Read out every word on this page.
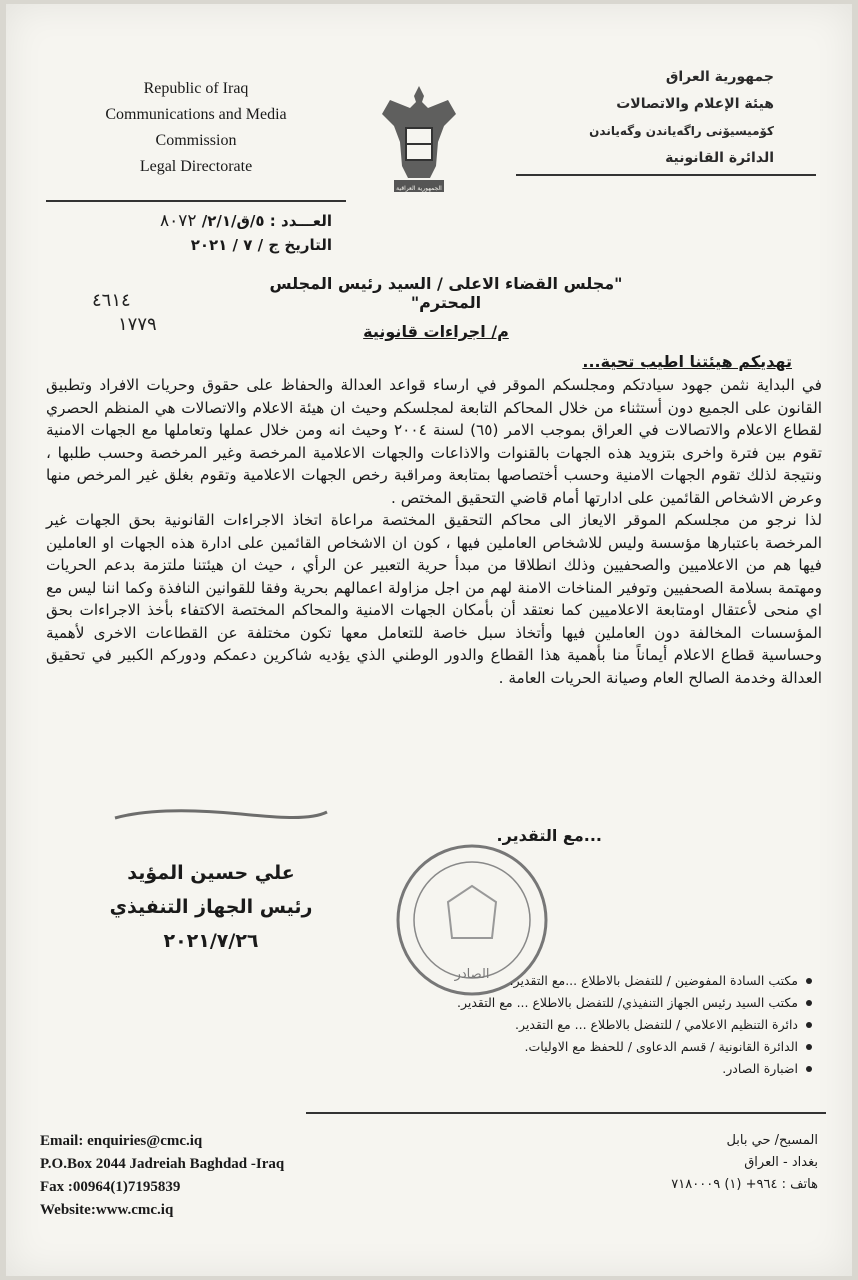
Republic of Iraq
Communications and Media
Commission
Legal Directorate
الجمهورية العراقية
جمهورية العراق
هيئة الإعلام والاتصالات
كۆمیسیۆنی راگەیاندن وگەیاندن
الدائرة القانونية
العـــدد : ٥/ق/٢/١/ ٨٠٧٢
التاريخ ج / ٧ / ٢٠٢١
٤٦١٤
١٧٧٩
"مجلس القضاء الاعلى / السيد رئيس المجلس المحترم"
م/ اجراءات قانونية
تهديكم هيئتنا اطيب تحية...

في البداية نثمن جهود سيادتكم ومجلسكم الموقر في ارساء قواعد العدالة والحفاظ على حقوق وحريات الافراد وتطبيق القانون على الجميع دون أستثناء من خلال المحاكم التابعة لمجلسكم وحيث ان هيئة الاعلام والاتصالات هي المنظم الحصري لقطاع الاعلام والاتصالات في العراق بموجب الامر (٦٥) لسنة ٢٠٠٤ وحيث انه ومن خلال عملها وتعاملها مع الجهات الامنية تقوم بين فترة واخرى بتزويد هذه الجهات بالقنوات والاذاعات والجهات الاعلامية المرخصة وغير المرخصة وحسب طلبها ، ونتيجة لذلك تقوم الجهات الامنية وحسب أختصاصها بمتابعة ومراقبة رخص الجهات الاعلامية وتقوم بغلق غير المرخص منها وعرض الاشخاص القائمين على ادارتها أمام قاضي التحقيق المختص .

لذا نرجو من مجلسكم الموقر الايعاز الى محاكم التحقيق المختصة مراعاة اتخاذ الاجراءات القانونية بحق الجهات غير المرخصة باعتبارها مؤسسة وليس للاشخاص العاملين فيها ، كون ان الاشخاص القائمين على ادارة هذه الجهات او العاملين فيها هم من الاعلاميين والصحفيين وذلك انطلاقا من مبدأ حرية التعبير عن الرأي ، حيث ان هيئتنا ملتزمة بدعم الحريات ومهتمة بسلامة الصحفيين وتوفير المناخات الامنة لهم من اجل مزاولة اعمالهم بحرية وفقا للقوانين النافذة وكما اننا ليس مع اي منحى لأعتقال اومتابعة الاعلاميين كما نعتقد أن بأمكان الجهات الامنية والمحاكم المختصة الاكتفاء بأخذ الاجراءات بحق المؤسسات المخالفة دون العاملين فيها وأتخاذ سبل خاصة للتعامل معها تكون مختلفة عن القطاعات الاخرى لأهمية وحساسية قطاع الاعلام أيماناً منا بأهمية هذا القطاع والدور الوطني الذي يؤديه شاكرين دعمكم ودوركم الكبير في تحقيق العدالة وخدمة الصالح العام وصيانة الحريات العامة .

...مع التقدير.
علي حسين المؤيد
رئيس الجهاز التنفيذي
٢٠٢١/٧/٢٦
الصادر مكتب السادة المفوضين / للتفضل بالاطلاع ...مع التقدير.
مكتب السيد رئيس الجهاز التنفيذي/ للتفضل بالاطلاع ... مع التقدير.
دائرة التنظيم الاعلامي / للتفضل بالاطلاع ... مع التقدير.
الدائرة القانونية / قسم الدعاوى / للحفظ مع الاوليات.
اضبارة الصادر.
Email: enquiries@cmc.iq
P.O.Box 2044 Jadreiah Baghdad -Iraq
Fax :00964(1)7195839
Website:www.cmc.iq
المسبح/ حي بابل
بغداد - العراق
هاتف : ٩٦٤+ (١) ٧١٨٠٠٠٩
